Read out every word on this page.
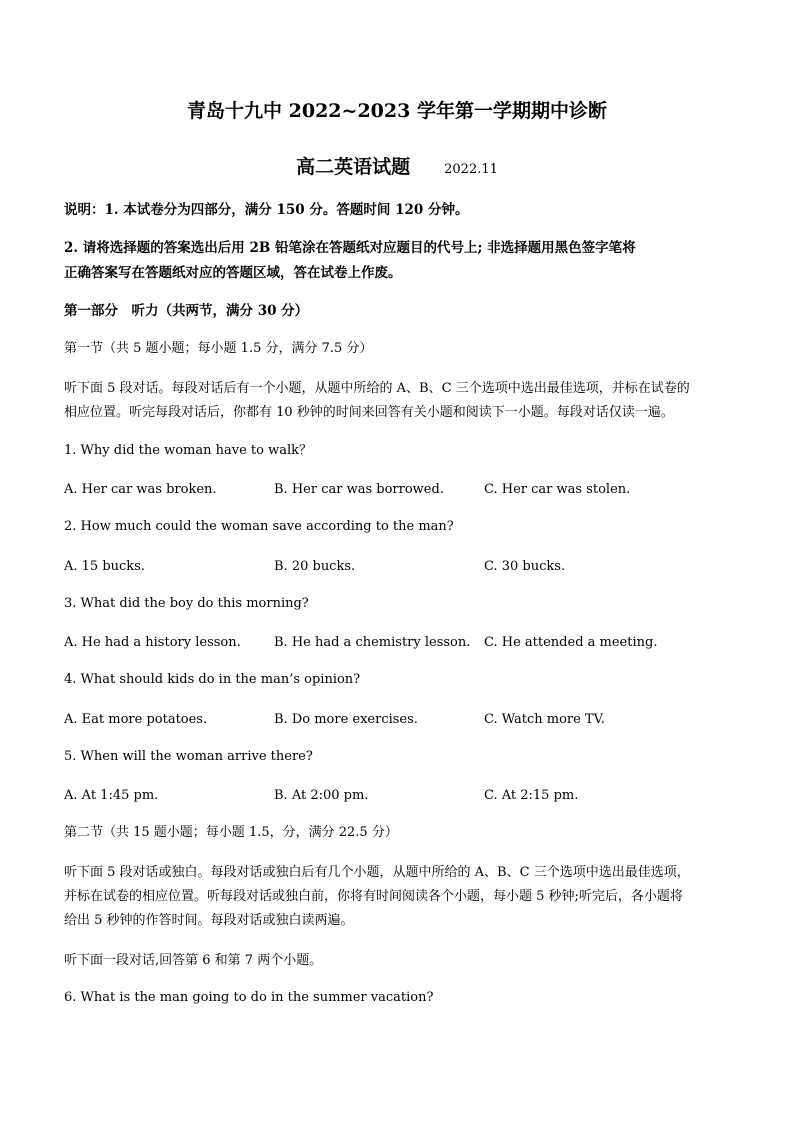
青岛十九中 2022~2023 学年第一学期期中诊断
高二英语试题	2022.11
说明：1. 本试卷分为四部分，满分 150 分。答题时间 120 分钟。
2. 请将选择题的答案选出后用 2B 铅笔涂在答题纸对应题目的代号上; 非选择题用黑色签字笔将
正确答案写在答题纸对应的答题区域，答在试卷上作废。
第一部分　听力（共两节，满分 30 分）
第一节（共 5 题小题；每小题 1.5 分，满分 7.5 分）
听下面 5 段对话。每段对话后有一个小题，从题中所给的 A、B、C 三个选项中选出最佳选项，并标在试卷的
相应位置。听完每段对话后，你都有 10 秒钟的时间来回答有关小题和阅读下一小题。每段对话仅读一遍。
1. Why did the woman have to walk？
A. Her car was broken.	B. Her car was borrowed.	C. Her car was stolen.
2. How much could the woman save according to the man?
A. 15 bucks.	B. 20 bucks.	C. 30 bucks.
3. What did the boy do this morning?
A. He had a history lesson.	B. He had a chemistry lesson. C. He attended a meeting.
4. What should kids do in the man’s opinion?
A. Eat more potatoes.	B. Do more exercises.	C. Watch more TV.
5. When will the woman arrive there?
A. At 1:45 pm.	B. At 2:00 pm.	C. At 2:15 pm.
第二节（共 15 题小题；每小题 1.5，分，满分 22.5 分）
听下面 5 段对话或独白。每段对话或独白后有几个小题，从题中所给的 A、B、C 三个选项中选出最佳选项，
并标在试卷的相应位置。听每段对话或独白前，你将有时间阅读各个小题，每小题 5 秒钟;听完后，各小题将
给出 5 秒钟的作答时间。每段对话或独白读两遍。
听下面一段对话,回答第 6 和第 7 两个小题。
6. What is the man going to do in the summer vacation?
